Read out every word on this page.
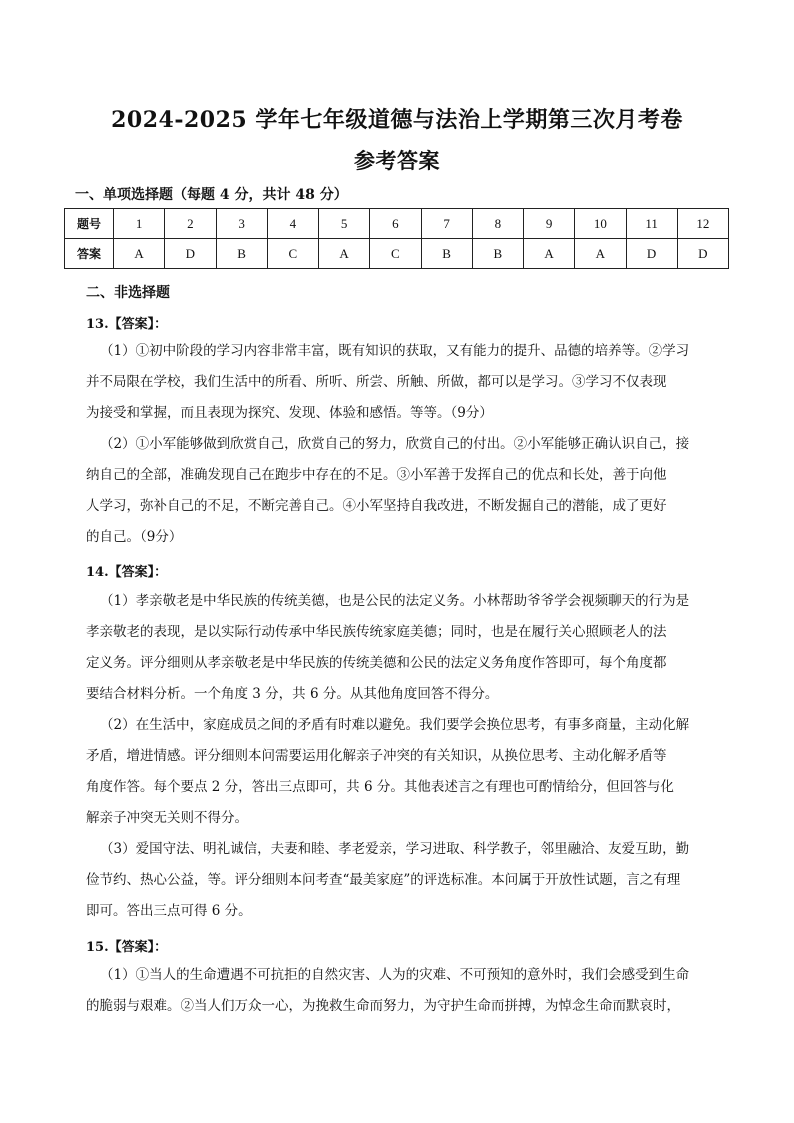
2024-2025 学年七年级道德与法治上学期第三次月考卷
参考答案
一、单项选择题（每题 4 分，共计 48 分）
题号	1	2	3	4	5	6	7	8	9	10	11	12
答案	A	D	B	C	A	C	B	B	A	A	D	D
二、非选择题
13.【答案】：
（1）①初中阶段的学习内容非常丰富，既有知识的获取，又有能力的提升、品德的培养等。②学习
并不局限在学校，我们生活中的所看、所听、所尝、所触、所做，都可以是学习。③学习不仅表现
为接受和掌握，而且表现为探究、发现、体验和感悟。等等。（9分）
（2）①小军能够做到欣赏自己，欣赏自己的努力，欣赏自己的付出。②小军能够正确认识自己，接
纳自己的全部，准确发现自己在跑步中存在的不足。③小军善于发挥自己的优点和长处，善于向他
人学习，弥补自己的不足，不断完善自己。④小军坚持自我改进，不断发掘自己的潜能，成了更好
的自己。（9分）
14.【答案】：
（1）孝亲敬老是中华民族的传统美德，也是公民的法定义务。小林帮助爷爷学会视频聊天的行为是
孝亲敬老的表现，是以实际行动传承中华民族传统家庭美德；同时，也是在履行关心照顾老人的法
定义务。评分细则从孝亲敬老是中华民族的传统美德和公民的法定义务角度作答即可，每个角度都
要结合材料分析。一个角度 3 分，共 6 分。从其他角度回答不得分。
（2）在生活中，家庭成员之间的矛盾有时难以避免。我们要学会换位思考，有事多商量，主动化解
矛盾，增进情感。评分细则本问需要运用化解亲子冲突的有关知识，从换位思考、主动化解矛盾等
角度作答。每个要点 2 分，答出三点即可，共 6 分。其他表述言之有理也可酌情给分，但回答与化
解亲子冲突无关则不得分。
（3）爱国守法、明礼诚信，夫妻和睦、孝老爱亲，学习进取、科学教子，邻里融洽、友爱互助，勤
俭节约、热心公益，等。评分细则本问考查“最美家庭”的评选标准。本问属于开放性试题，言之有理
即可。答出三点可得 6 分。
15.【答案】：
（1）①当人的生命遭遇不可抗拒的自然灾害、人为的灾难、不可预知的意外时，我们会感受到生命
的脆弱与艰难。②当人们万众一心，为挽救生命而努力，为守护生命而拼搏，为悼念生命而默哀时，
